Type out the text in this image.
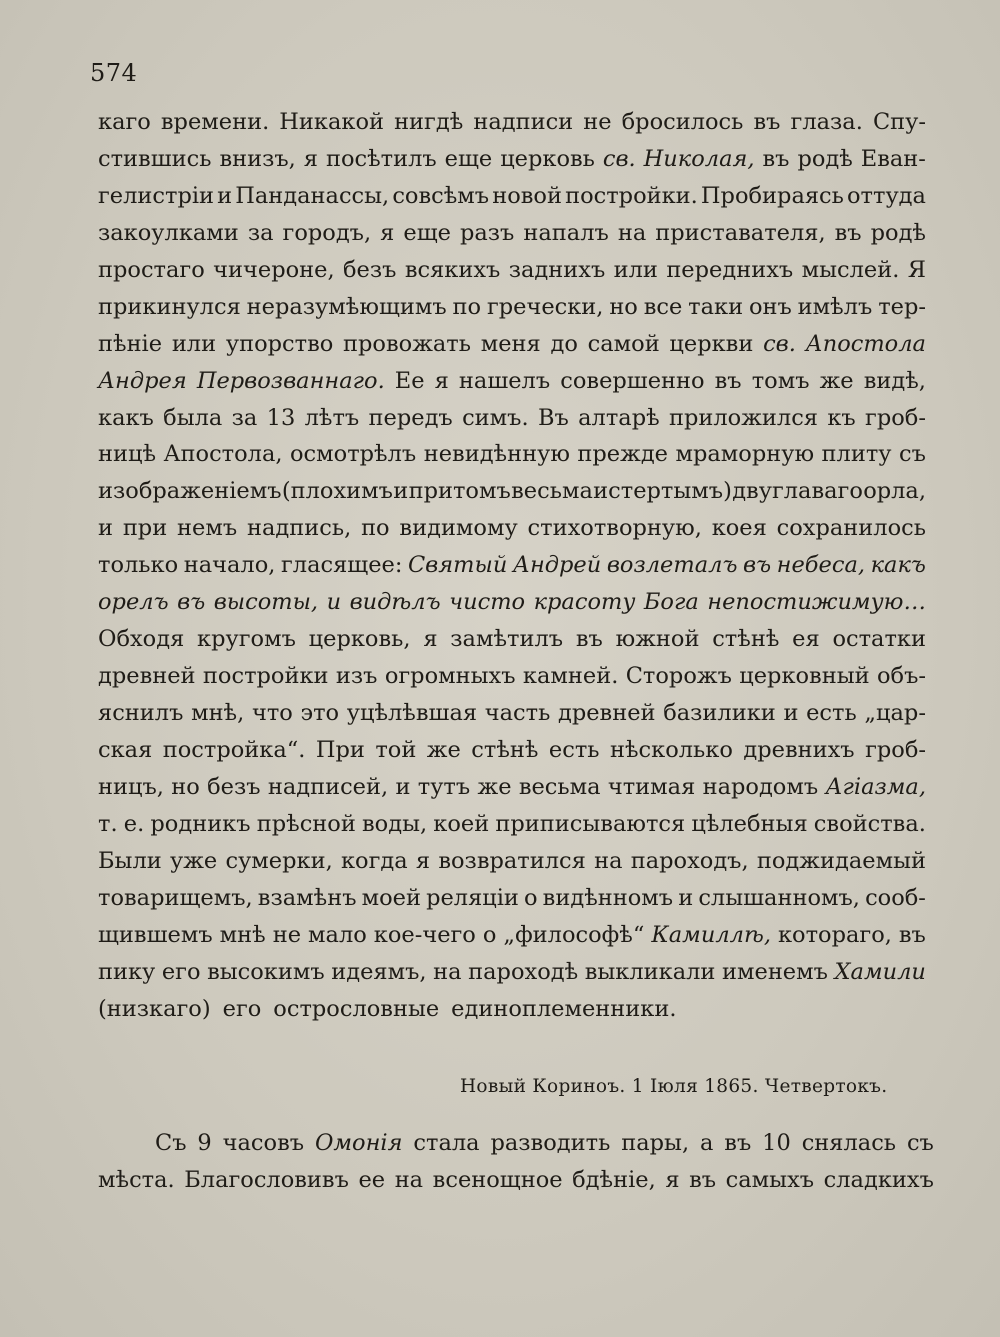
574
каго времени. Никакой нигдѣ надписи не бросилось въ глаза. Спу-
стившись внизъ, я посѣтилъ еще церковь св. Николая, въ родѣ Еван-
гелистріи и Панданассы, совсѣмъ новой постройки. Пробираясь оттуда
закоулками за городъ, я еще разъ напалъ на приставателя, въ родѣ
простаго чичероне, безъ всякихъ заднихъ или переднихъ мыслей. Я
прикинулся неразумѣющимъ по гречески, но все таки онъ имѣлъ тер-
пѣніе или упорство провожать меня до самой церкви св. Апостола
Андрея Первозваннаго. Ее я нашелъ совершенно въ томъ же видѣ,
какъ была за 13 лѣтъ передъ симъ. Въ алтарѣ приложился къ гроб-
ницѣ Апостола, осмотрѣлъ невидѣнную прежде мраморную плиту съ
изображеніемъ (плохимъ и притомъ весьма истертымъ) двуглаваго орла,
и при немъ надпись, по видимому стихотворную, коея сохранилось
только начало, гласящее: Святый Андрей возлеталъ въ небеса, какъ
орелъ въ высоты, и видѣлъ чисто красоту Бога непостижимую…
Обходя кругомъ церковь, я замѣтилъ въ южной стѣнѣ ея остатки
древней постройки изъ огромныхъ камней. Сторожъ церковный объ-
яснилъ мнѣ, что это уцѣлѣвшая часть древней базилики и есть „цар-
ская постройка“. При той же стѣнѣ есть нѣсколько древнихъ гроб-
ницъ, но безъ надписей, и тутъ же весьма чтимая народомъ Агіазма,
т. е. родникъ прѣсной воды, коей приписываются цѣлебныя свойства.
Были уже сумерки, когда я возвратился на пароходъ, поджидаемый
товарищемъ, взамѣнъ моей реляціи о видѣнномъ и слышанномъ, сооб-
щившемъ мнѣ не мало кое-чего о „философѣ“ Камиллѣ, котораго, въ
пику его высокимъ идеямъ, на пароходѣ выкликали именемъ Хамили
(низкаго) его острословные единоплеменники.
Новый Кориноъ. 1 Іюля 1865. Четвертокъ.
Съ 9 часовъ Омонія стала разводить пары, а въ 10 снялась съ
мѣста. Благословивъ ее на всенощное бдѣніе, я въ самыхъ сладкихъ
